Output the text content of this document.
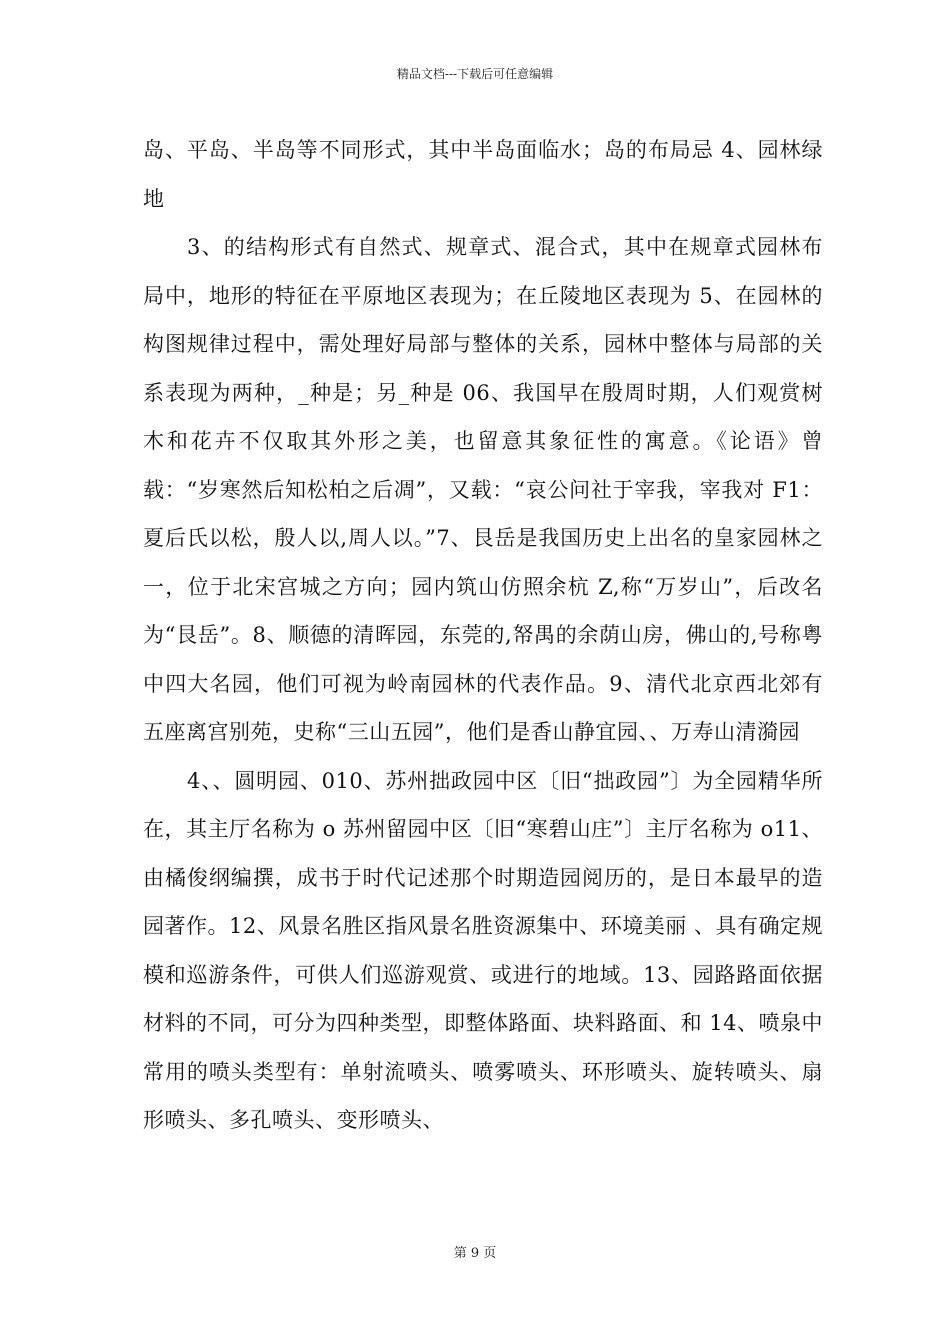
精品文档---下载后可任意编辑

岛、平岛、半岛等不同形式，其中半岛面临水；岛的布局忌 4、园林绿地

3、的结构形式有自然式、规章式、混合式，其中在规章式园林布局中，地形的特征在平原地区表现为；在丘陵地区表现为 5、在园林的构图规律过程中，需处理好局部与整体的关系，园林中整体与局部的关系表现为两种，_种是；另_种是 06、我国早在殷周时期，人们观赏树木和花卉不仅取其外形之美，也留意其象征性的寓意。《论语》曾载：“岁寒然后知松柏之后凋”，又载：“哀公问社于宰我，宰我对 F1：夏后氏以松，殷人以,周人以。”7、艮岳是我国历史上出名的皇家园林之一，位于北宋宫城之方向；园内筑山仿照余杭 Z,称“万岁山”，后改名为“艮岳”。8、顺德的清晖园，东莞的,帑禺的余荫山房，佛山的,号称粤中四大名园，他们可视为岭南园林的代表作品。9、清代北京西北郊有五座离宫别苑，史称“三山五园”，他们是香山静宜园、、万寿山清漪园

4、、圆明园、010、苏州拙政园中区〔旧“拙政园”〕为全园精华所在，其主厅名称为 o 苏州留园中区〔旧“寒碧山庄”〕主厅名称为 o11、由橘俊纲编撰，成书于时代记述那个时期造园阅历的，是日本最早的造园著作。12、风景名胜区指风景名胜资源集中、环境美丽 、具有确定规模和巡游条件，可供人们巡游观赏、或进行的地域。13、园路路面依据材料的不同，可分为四种类型，即整体路面、块料路面、和 14、喷泉中常用的喷头类型有：单射流喷头、喷雾喷头、环形喷头、旋转喷头、扇形喷头、多孔喷头、变形喷头、

第 9 页
